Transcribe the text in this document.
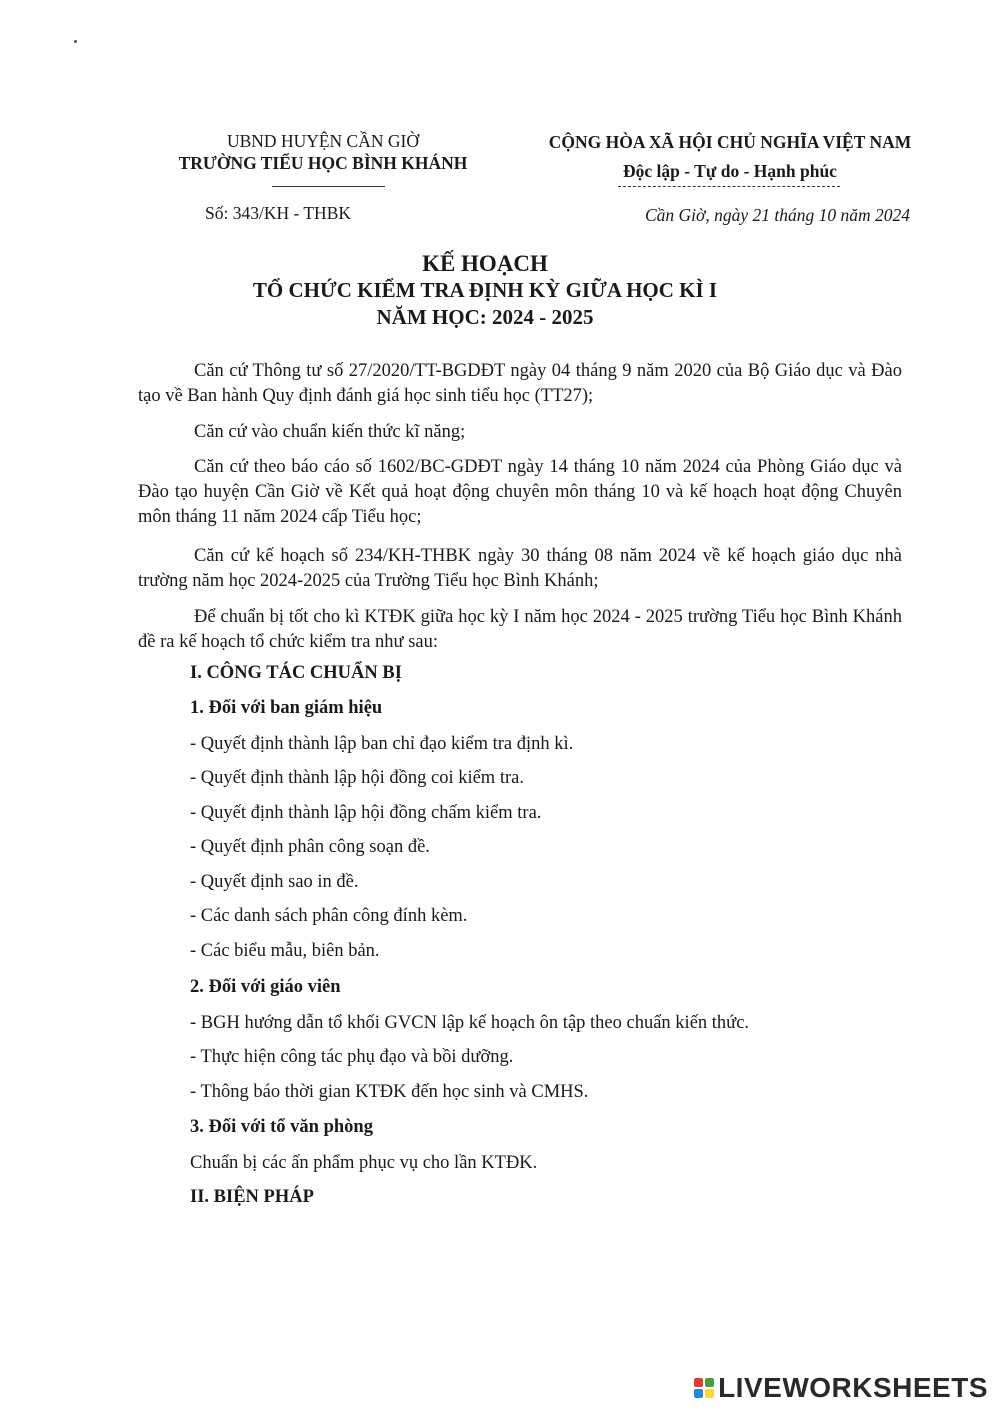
UBND HUYỆN CẦN GIỜ
TRƯỜNG TIỂU HỌC BÌNH KHÁNH
Số: 343/KH - THBK
CỘNG HÒA XÃ HỘI CHỦ NGHĨA VIỆT NAM
Độc lập - Tự do - Hạnh phúc
Cần Giờ, ngày 21 tháng 10 năm 2024
KẾ HOẠCH
TỔ CHỨC KIỂM TRA ĐỊNH KỲ GIỮA HỌC KÌ I
NĂM HỌC: 2024 - 2025
Căn cứ Thông tư số 27/2020/TT-BGDĐT ngày 04 tháng 9 năm 2020 của Bộ Giáo dục và Đào tạo về Ban hành Quy định đánh giá học sinh tiểu học (TT27);
Căn cứ vào chuẩn kiến thức kĩ năng;
Căn cứ theo báo cáo số 1602/BC-GDĐT ngày 14 tháng 10 năm 2024 của Phòng Giáo dục và Đào tạo huyện Cần Giờ về Kết quả hoạt động chuyên môn tháng 10 và kế hoạch hoạt động Chuyên môn tháng 11 năm 2024 cấp Tiểu học;
Căn cứ kế hoạch số 234/KH-THBK ngày 30 tháng 08 năm 2024 về kế hoạch giáo dục nhà trường năm học 2024-2025 của Trường Tiểu học Bình Khánh;
Để chuẩn bị tốt cho kì KTĐK giữa học kỳ I năm học 2024 - 2025 trường Tiểu học Bình Khánh đề ra kế hoạch tổ chức kiểm tra như sau:
I. CÔNG TÁC CHUẨN BỊ
1. Đối với ban giám hiệu
- Quyết định thành lập ban chỉ đạo kiểm tra định kì.
- Quyết định thành lập hội đồng coi kiểm tra.
- Quyết định thành lập hội đồng chấm kiểm tra.
- Quyết định phân công soạn đề.
- Quyết định sao in đề.
- Các danh sách phân công đính kèm.
- Các biểu mẫu, biên bản.
2. Đối với giáo viên
- BGH hướng dẫn tổ khối GVCN lập kế hoạch ôn tập theo chuẩn kiến thức.
- Thực hiện công tác phụ đạo và bồi dưỡng.
- Thông báo thời gian KTĐK đến học sinh và CMHS.
3. Đối với tổ văn phòng
Chuẩn bị các ấn phẩm phục vụ cho lần KTĐK.
II. BIỆN PHÁP
LIVEWORKSHEETS
